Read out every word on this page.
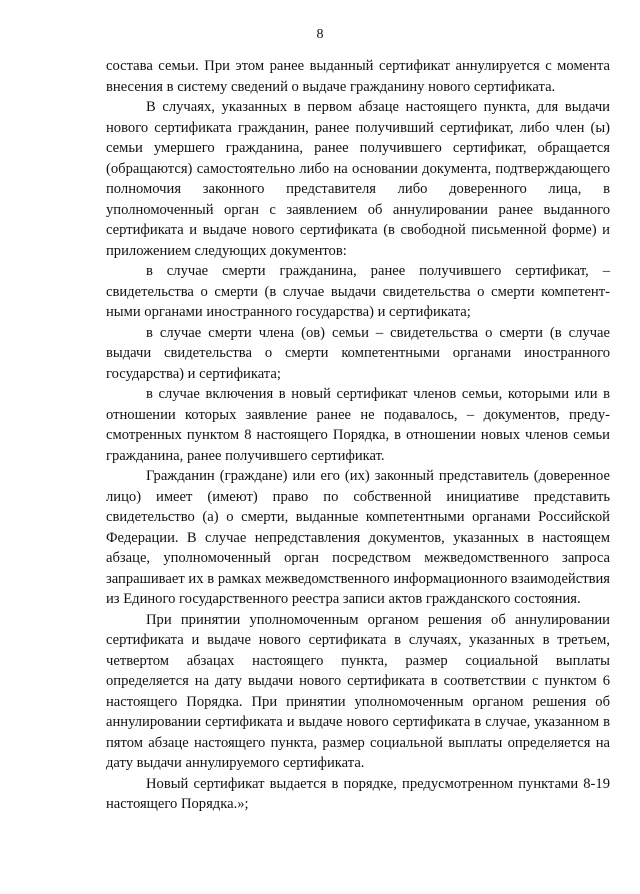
8

состава семьи. При этом ранее выданный сертификат аннулируется с момента внесения в систему сведений о выдаче гражданину нового сертификата.

В случаях, указанных в первом абзаце настоящего пункта, для выдачи нового сертификата гражданин, ранее получивший сертификат, либо член (ы) семьи умершего гражданина, ранее получившего сертификат, обращается (обращаются) самостоятельно либо на основании документа, подтверждающего полномочия законного представителя либо доверенного лица, в уполномоченный орган с заявлением об аннулировании ранее выданного сертификата и выдаче нового сертификата (в свободной письменной форме) и приложением следующих документов:

в случае смерти гражданина, ранее получившего сертификат, – свидетельства о смерти (в случае выдачи свидетельства о смерти компетентными органами иностранного государства) и сертификата;

в случае смерти члена (ов) семьи – свидетельства о смерти (в случае выдачи свидетельства о смерти компетентными органами иностранного государства) и сертификата;

в случае включения в новый сертификат членов семьи, которыми или в отношении которых заявление ранее не подавалось, – документов, предусмотренных пунктом 8 настоящего Порядка, в отношении новых членов семьи гражданина, ранее получившего сертификат.

Гражданин (граждане) или его (их) законный представитель (доверенное лицо) имеет (имеют) право по собственной инициативе представить свидетельство (а) о смерти, выданные компетентными органами Российской Федерации. В случае непредставления документов, указанных в настоящем абзаце, уполномоченный орган посредством межведомственного запроса запрашивает их в рамках межведомственного информационного взаимодействия из Единого государственного реестра записи актов гражданского состояния.

При принятии уполномоченным органом решения об аннулировании сертификата и выдаче нового сертификата в случаях, указанных в третьем, четвертом абзацах настоящего пункта, размер социальной выплаты определяется на дату выдачи нового сертификата в соответствии с пунктом 6 настоящего Порядка. При принятии уполномоченным органом решения об аннулировании сертификата и выдаче нового сертификата в случае, указанном в пятом абзаце настоящего пункта, размер социальной выплаты определяется на дату выдачи аннулируемого сертификата.

Новый сертификат выдается в порядке, предусмотренном пунктами 8-19 настоящего Порядка.»;
